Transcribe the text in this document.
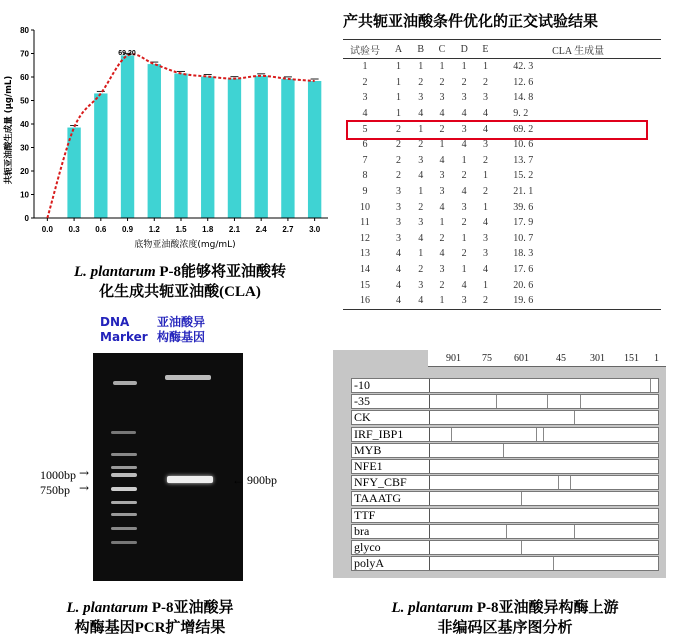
0
10
20
30
40
50
60
70
80
0.0 0.3 0.6 0.9 1.2 1.5 1.8 2.1 2.4 2.7 3.0
底物亚油酸浓度(mg/mL)
共轭亚油酸生成量 (μg/mL)
69.20
L. plantarum P-8能够将亚油酸转
化生成共轭亚油酸(CLA)
产共轭亚油酸条件优化的正交试验结果
试验号	A	B	C	D	E	CLA 生成量
1	1	1	1	1	1	42. 3
2	1	2	2	2	2	12. 6
3	1	3	3	3	3	14. 8
4	1	4	4	4	4	9. 2
5	2	1	2	3	4	69. 2
6	2	2	1	4	3	10. 6
7	2	3	4	1	2	13. 7
8	2	4	3	2	1	15. 2
9	3	1	3	4	2	21. 1
10	3	2	4	3	1	39. 6
11	3	3	1	2	4	17. 9
12	3	4	2	1	3	10. 7
13	4	1	4	2	3	18. 3
14	4	2	3	1	4	17. 6
15	4	3	2	4	1	20. 6
16	4	4	1	3	2	19. 6
DNA
Marker
亚油酸异
构酶基因
1000bp →
750bp →
← 900bp
L. plantarum P-8亚油酸异
构酶基因PCR扩增结果
901 75 601	45 301 151 1
-10
-35
CK
IRF_IBP1
MYB
NFE1
NFY_CBF
TAAATG
TTF
bra
glyco
polyA
L. plantarum P-8亚油酸异构酶上游
非编码区基序图分析
